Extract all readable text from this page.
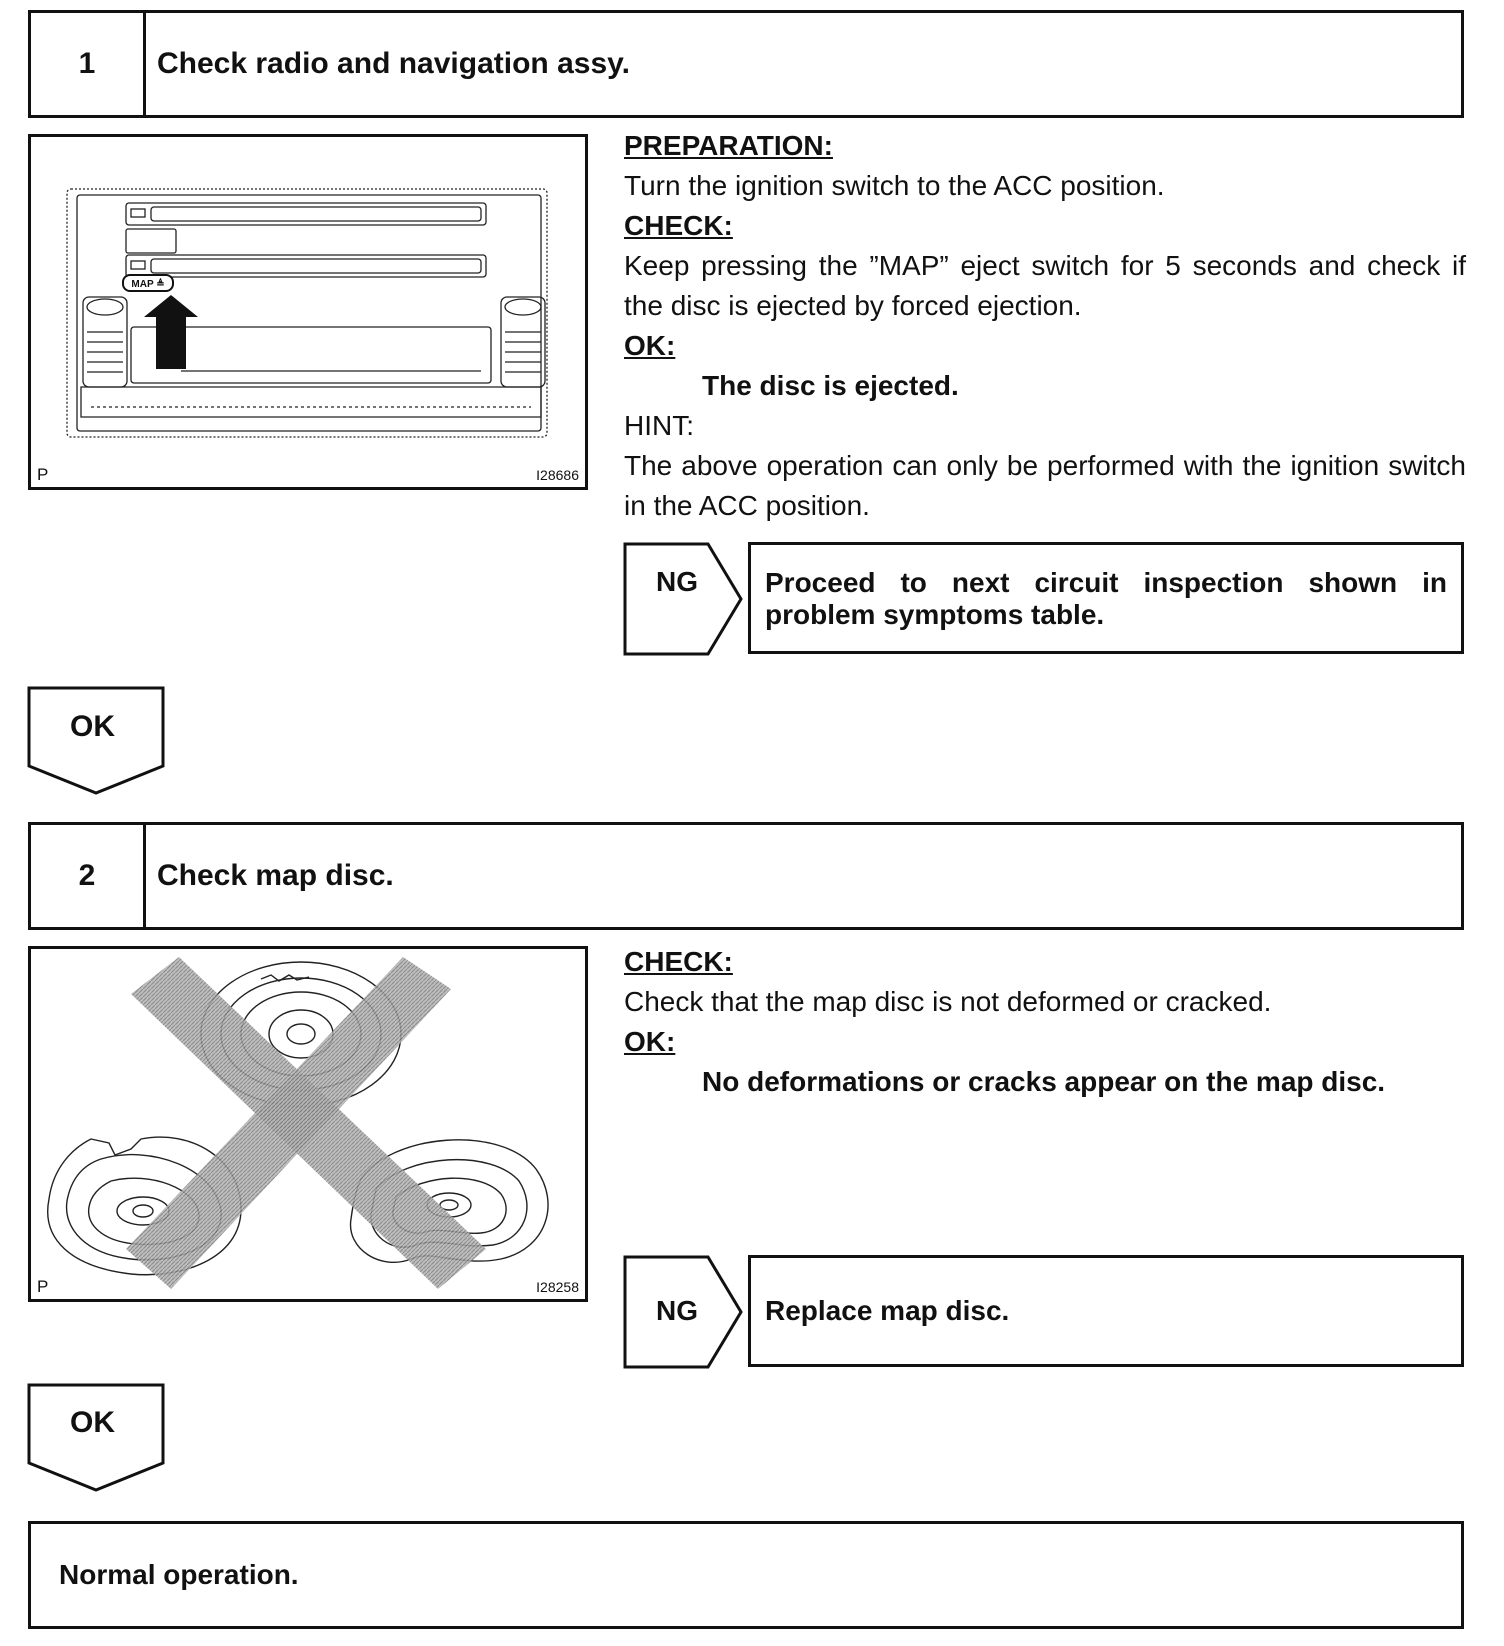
1	Check radio and navigation assy.
MAP ≜
P	I28686
PREPARATION:
Turn the ignition switch to the ACC position.
CHECK:
Keep pressing the ”MAP” eject switch for 5 seconds and check if the disc is ejected by forced ejection.
OK:
The disc is ejected.
HINT:
The above operation can only be performed with the ignition switch in the ACC position.
NG	Proceed to next circuit inspection shown in problem symptoms table.
OK
2	Check map disc.
P	I28258
CHECK:
Check that the map disc is not deformed or cracked.
OK:
No deformations or cracks appear on the map disc.
NG Replace map disc.
OK
Normal operation.
